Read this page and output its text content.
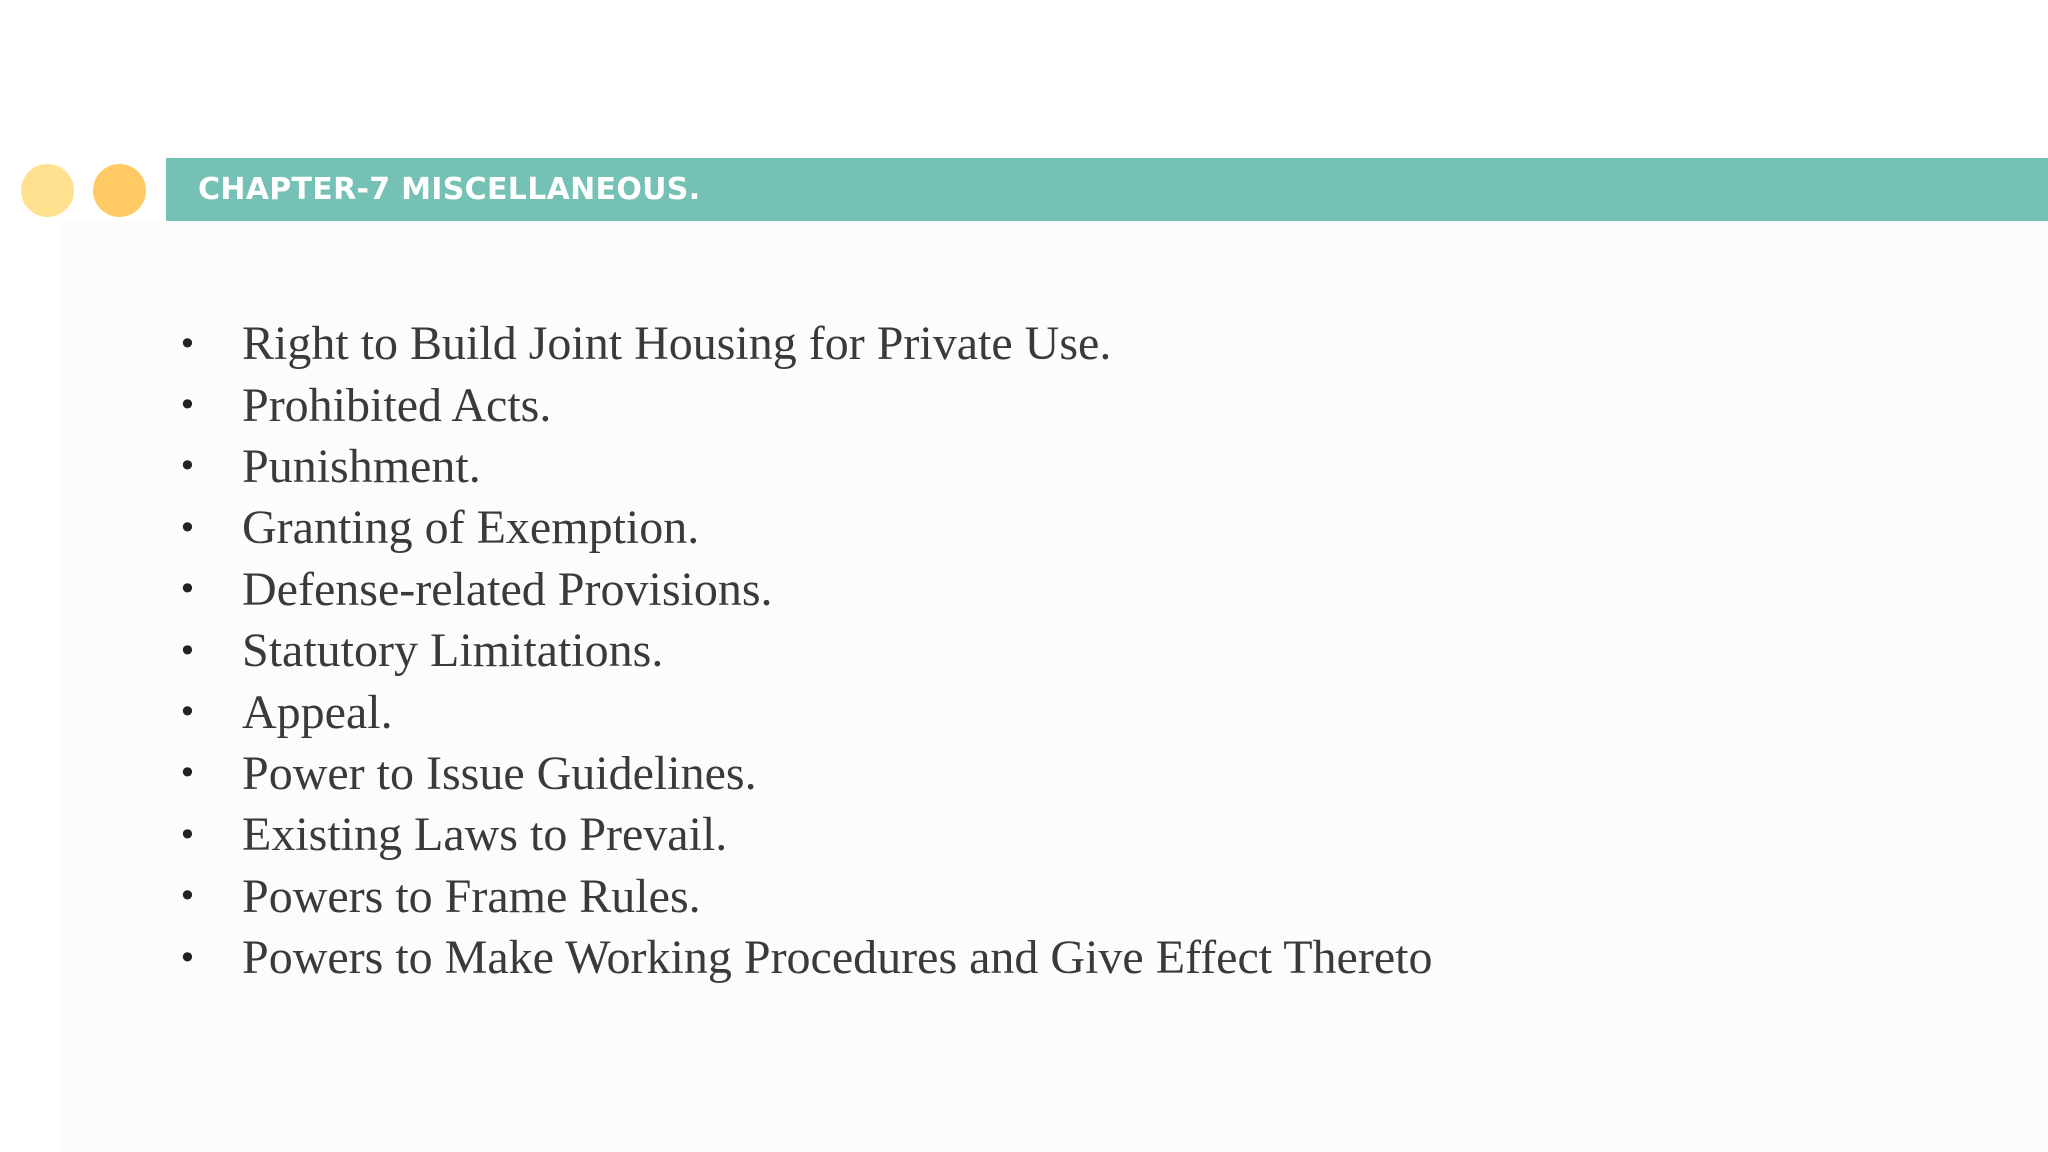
CHAPTER-7 MISCELLANEOUS.
• Right to Build Joint Housing for Private Use.
• Prohibited Acts.
• Punishment.
• Granting of Exemption.
• Defense-related Provisions.
• Statutory Limitations.
• Appeal.
• Power to Issue Guidelines.
• Existing Laws to Prevail.
• Powers to Frame Rules.
• Powers to Make Working Procedures and Give Effect Thereto
